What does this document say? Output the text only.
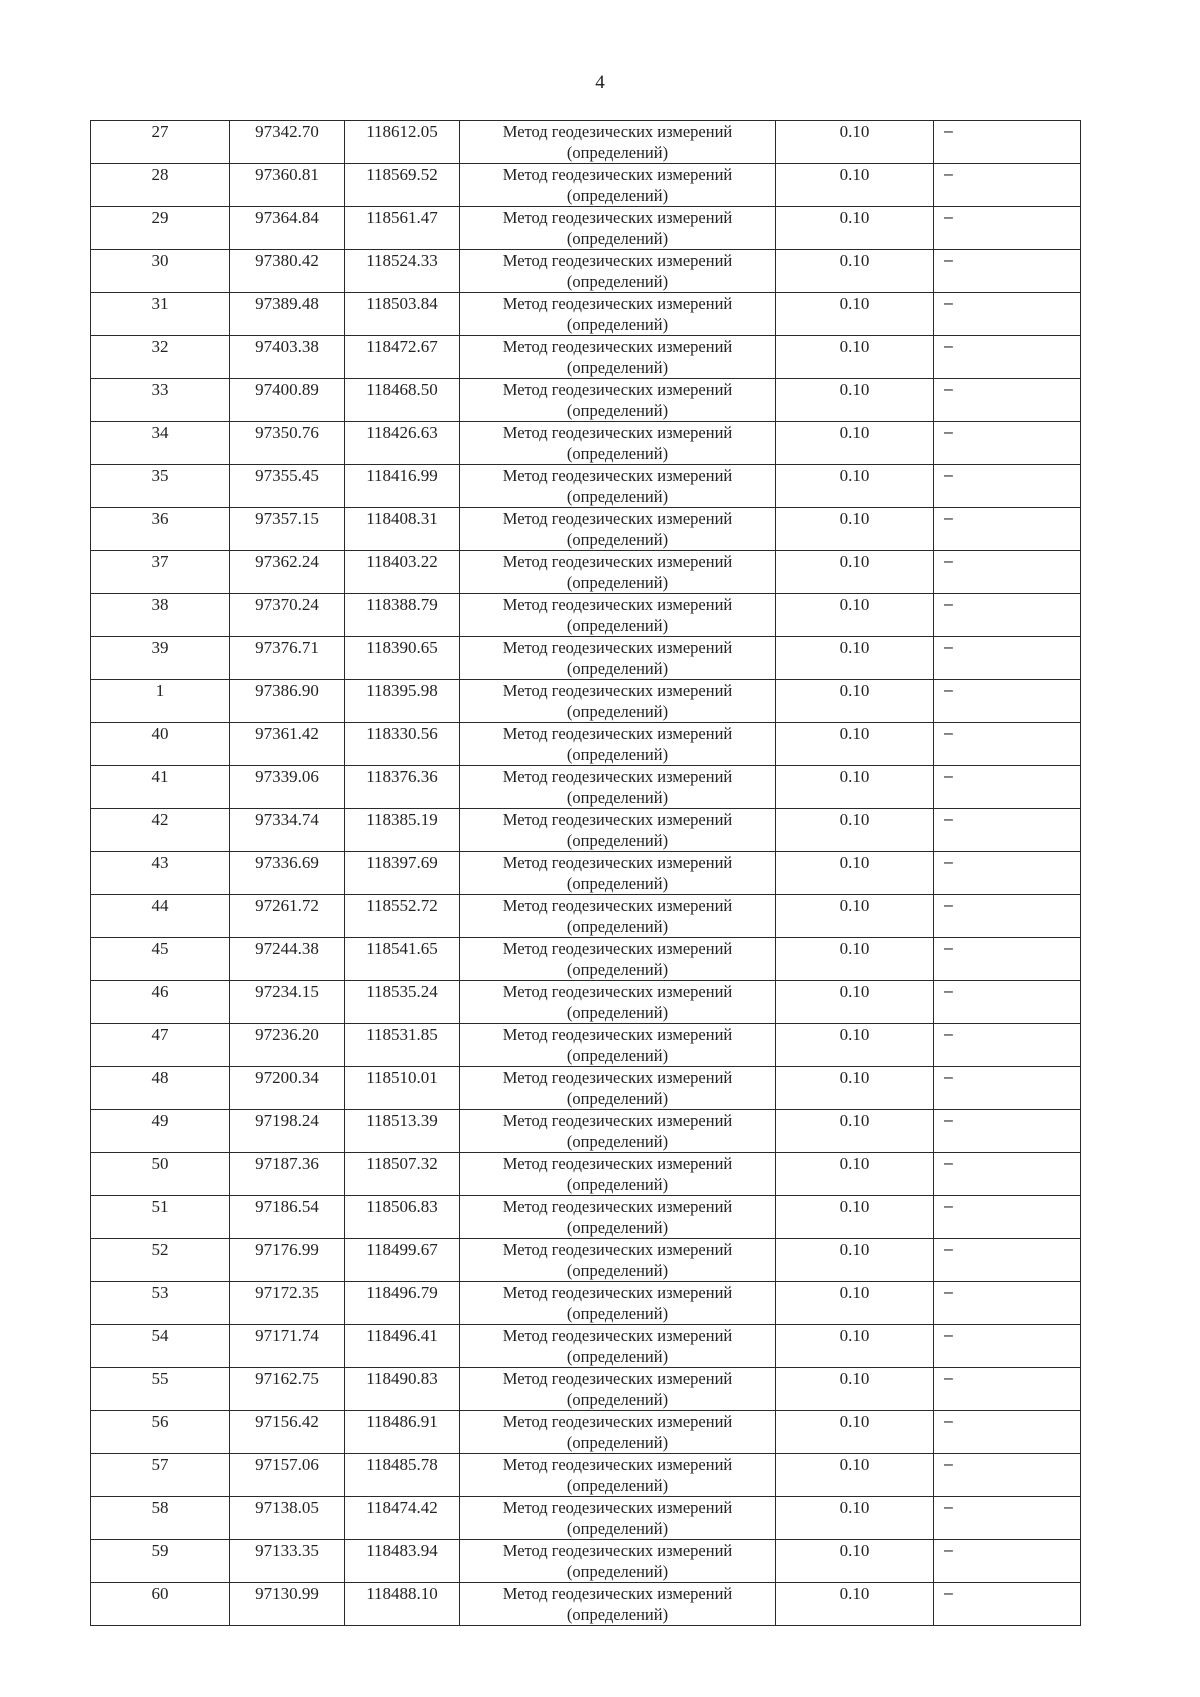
4
27	97342.70	118612.05	Метод геодезических измерений (определений)	0.10	–
28	97360.81	118569.52	Метод геодезических измерений (определений)	0.10	–
29	97364.84	118561.47	Метод геодезических измерений (определений)	0.10	–
30	97380.42	118524.33	Метод геодезических измерений (определений)	0.10	–
31	97389.48	118503.84	Метод геодезических измерений (определений)	0.10	–
32	97403.38	118472.67	Метод геодезических измерений (определений)	0.10	–
33	97400.89	118468.50	Метод геодезических измерений (определений)	0.10	–
34	97350.76	118426.63	Метод геодезических измерений (определений)	0.10	–
35	97355.45	118416.99	Метод геодезических измерений (определений)	0.10	–
36	97357.15	118408.31	Метод геодезических измерений (определений)	0.10	–
37	97362.24	118403.22	Метод геодезических измерений (определений)	0.10	–
38	97370.24	118388.79	Метод геодезических измерений (определений)	0.10	–
39	97376.71	118390.65	Метод геодезических измерений (определений)	0.10	–
1	97386.90	118395.98	Метод геодезических измерений (определений)	0.10	–
40	97361.42	118330.56	Метод геодезических измерений (определений)	0.10	–
41	97339.06	118376.36	Метод геодезических измерений (определений)	0.10	–
42	97334.74	118385.19	Метод геодезических измерений (определений)	0.10	–
43	97336.69	118397.69	Метод геодезических измерений (определений)	0.10	–
44	97261.72	118552.72	Метод геодезических измерений (определений)	0.10	–
45	97244.38	118541.65	Метод геодезических измерений (определений)	0.10	–
46	97234.15	118535.24	Метод геодезических измерений (определений)	0.10	–
47	97236.20	118531.85	Метод геодезических измерений (определений)	0.10	–
48	97200.34	118510.01	Метод геодезических измерений (определений)	0.10	–
49	97198.24	118513.39	Метод геодезических измерений (определений)	0.10	–
50	97187.36	118507.32	Метод геодезических измерений (определений)	0.10	–
51	97186.54	118506.83	Метод геодезических измерений (определений)	0.10	–
52	97176.99	118499.67	Метод геодезических измерений (определений)	0.10	–
53	97172.35	118496.79	Метод геодезических измерений (определений)	0.10	–
54	97171.74	118496.41	Метод геодезических измерений (определений)	0.10	–
55	97162.75	118490.83	Метод геодезических измерений (определений)	0.10	–
56	97156.42	118486.91	Метод геодезических измерений (определений)	0.10	–
57	97157.06	118485.78	Метод геодезических измерений (определений)	0.10	–
58	97138.05	118474.42	Метод геодезических измерений (определений)	0.10	–
59	97133.35	118483.94	Метод геодезических измерений (определений)	0.10	–
60	97130.99	118488.10	Метод геодезических измерений (определений)	0.10	–
